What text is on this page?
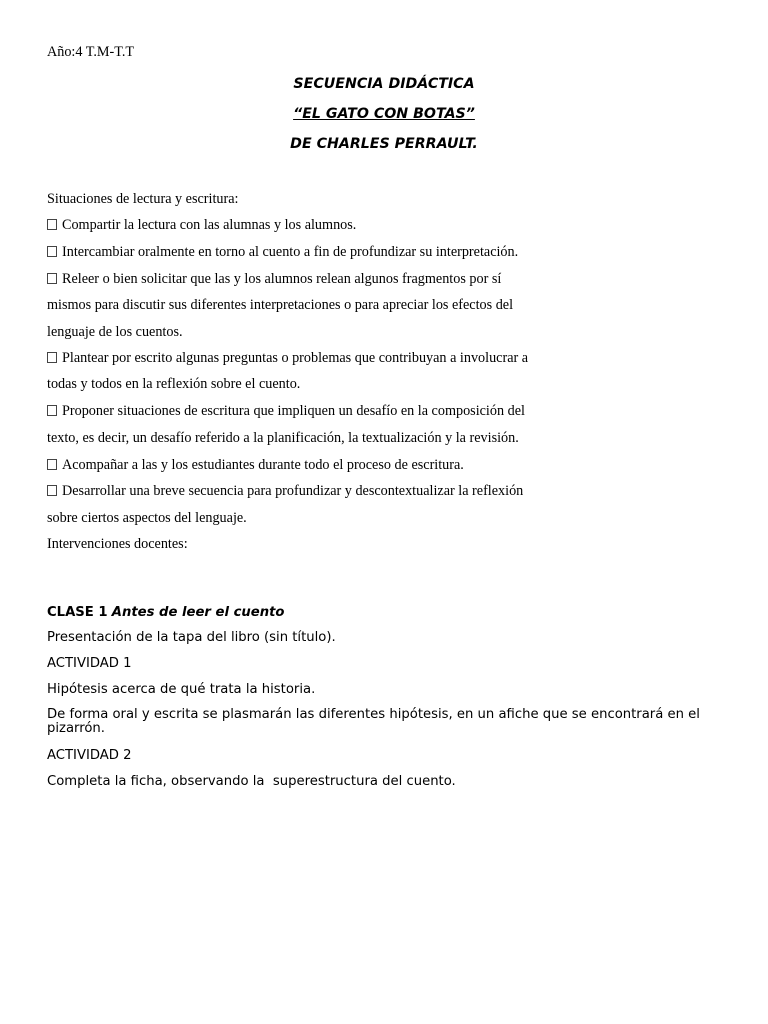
Año:4 T.M-T.T
SECUENCIA DIDÁCTICA
“EL GATO CON BOTAS”
DE CHARLES PERRAULT.
Situaciones de lectura y escritura:
Compartir la lectura con las alumnas y los alumnos.
Intercambiar oralmente en torno al cuento a fin de profundizar su interpretación.
Releer o bien solicitar que las y los alumnos relean algunos fragmentos por sí
mismos para discutir sus diferentes interpretaciones o para apreciar los efectos del
lenguaje de los cuentos.
Plantear por escrito algunas preguntas o problemas que contribuyan a involucrar a
todas y todos en la reflexión sobre el cuento.
Proponer situaciones de escritura que impliquen un desafío en la composición del
texto, es decir, un desafío referido a la planificación, la textualización y la revisión.
Acompañar a las y los estudiantes durante todo el proceso de escritura.
Desarrollar una breve secuencia para profundizar y descontextualizar la reflexión
sobre ciertos aspectos del lenguaje.
Intervenciones docentes:
CLASE 1 Antes de leer el cuento
Presentación de la tapa del libro (sin título).
ACTIVIDAD 1
Hipótesis acerca de qué trata la historia.
De forma oral y escrita se plasmarán las diferentes hipótesis, en un afiche que se encontrará en el pizarrón.
ACTIVIDAD 2
Completa la ficha, observando la  superestructura del cuento.
